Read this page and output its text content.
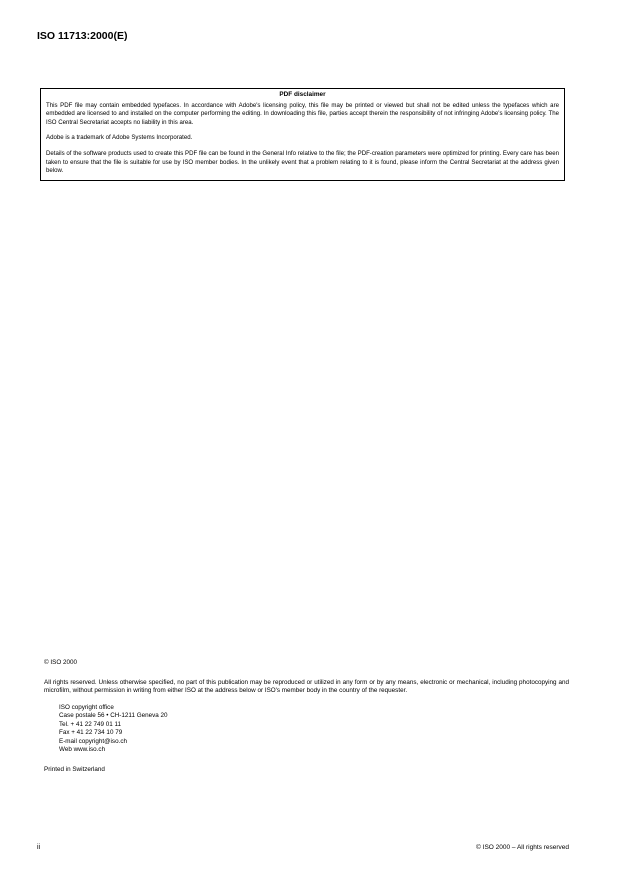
ISO 11713:2000(E)
PDF disclaimer

This PDF file may contain embedded typefaces. In accordance with Adobe's licensing policy, this file may be printed or viewed but shall not be edited unless the typefaces which are embedded are licensed to and installed on the computer performing the editing. In downloading this file, parties accept therein the responsibility of not infringing Adobe's licensing policy. The ISO Central Secretariat accepts no liability in this area.

Adobe is a trademark of Adobe Systems Incorporated.

Details of the software products used to create this PDF file can be found in the General Info relative to the file; the PDF-creation parameters were optimized for printing. Every care has been taken to ensure that the file is suitable for use by ISO member bodies. In the unlikely event that a problem relating to it is found, please inform the Central Secretariat at the address given below.

© ISO 2000

All rights reserved. Unless otherwise specified, no part of this publication may be reproduced or utilized in any form or by any means, electronic or mechanical, including photocopying and microfilm, without permission in writing from either ISO at the address below or ISO's member body in the country of the requester.

ISO copyright office
Case postale 56 • CH-1211 Geneva 20
Tel. + 41 22 749 01 11
Fax + 41 22 734 10 79
E-mail copyright@iso.ch
Web www.iso.ch

Printed in Switzerland

ii	© ISO 2000 – All rights reserved
